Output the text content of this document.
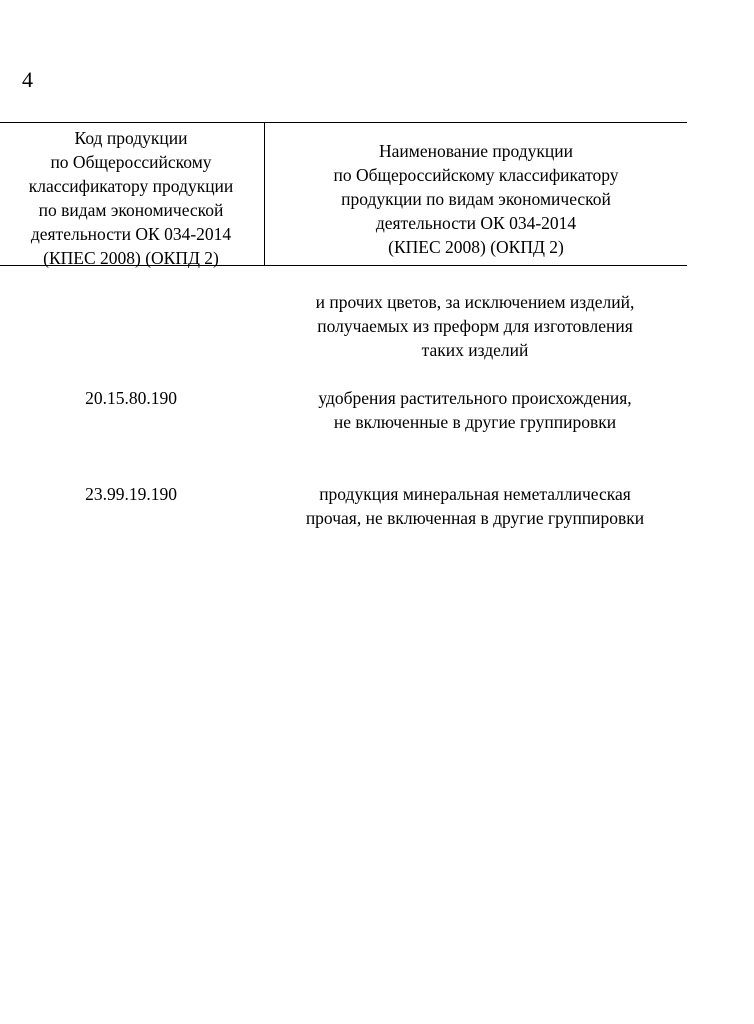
4
Код продукции
по Общероссийскому
классификатору продукции
по видам экономической
деятельности ОК 034-2014
(КПЕС 2008) (ОКПД 2)
Наименование продукции
по Общероссийскому классификатору
продукции по видам экономической
деятельности ОК 034-2014
(КПЕС 2008) (ОКПД 2)
и прочих цветов, за исключением изделий,
получаемых из преформ для изготовления
таких изделий
20.15.80.190	удобрения растительного происхождения,
не включенные в другие группировки
23.99.19.190	продукция минеральная неметаллическая
прочая, не включенная в другие группировки
